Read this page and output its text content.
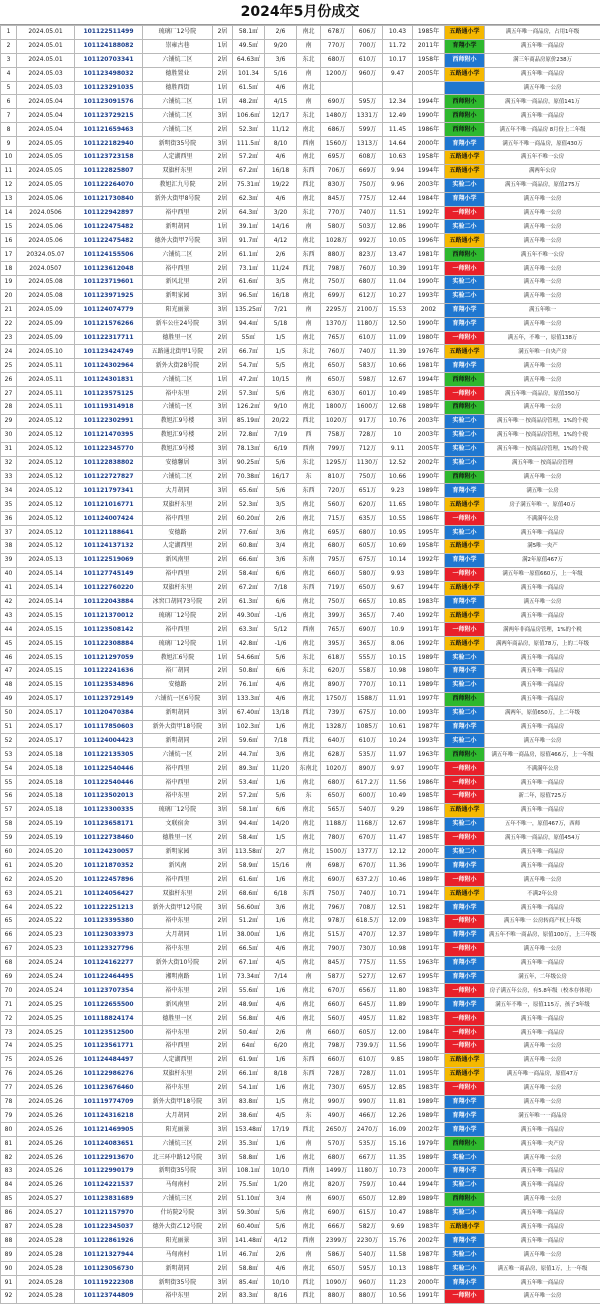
2024年5月份成交
1	2024.05.01	101122511499	琉璃厂12号院	2居	58.1㎡	2/6	南北	678万	606万	10.43	1985年	五路通小学	满五年唯一商品房，占用1年级
2	2024.05.01	101124188082	崇雍古巷	1居	49.5㎡	9/20	南	770万	700万	11.72	2011年	育翔小学	满五年唯一商品房
3	2024.05.01	101120703341	六铺炕二区	2居	64.63㎡	3/6	东北	680万	610万	10.17	1958年	西师附小	满三年商品房原价238万
4	2024.05.03	101123498032	德胜置业	2居	101.34	5/16	南	1200万	960万	9.47	2005年	五路通小学	满五年唯一商品房
5	2024.05.03	101123291035	德胜西街	1居	61.5㎡	4/6	南北						满五年唯一公房
6	2024.05.04	101123091576	六铺炕二区	1居	48.2㎡	4/15	南	690万	595万	12.34	1994年	西师附小	满五年唯一商品房，原值141万
7	2024.05.04	101123729215	六铺炕二区	3居	106.6㎡	12/17	东北	1480万	1331万	12.49	1990年	西师附小	满五年唯一商品房
8	2024.05.04	101121659463	六铺炕二区	2居	52.3㎡	11/12	南北	686万	599万	11.45	1986年	西师附小	满五年不唯一商品房 8月份上二年级
9	2024.05.05	101122182940	新明街35号院	3居	111.5㎡	8/10	西南	1560万	1313万	14.64	2000年	育翔小学	满五年不唯一商品房，原值430万
10	2024.05.05	101123723158	人定湖西里	2居	57.2㎡	4/6	南北	695万	608万	10.63	1958年	五路通小学	满五年不唯一公房
11	2024.05.05	101122825807	双旗杆东里	2居	67.2㎡	16/18	东西	706万	669万	9.94	1994年	五路通小学	满两年公房
12	2024.05.05	101122264070	教旭汇九号院	2居	75.31㎡	19/22	西北	830万	750万	9.96	2003年	实验二小	满五年唯一商品房，原值275万
13	2024.05.06	101121730840	新外大街甲8号院	2居	62.3㎡	4/6	南北	845万	775万	12.44	1984年	育翔小学	满五年唯一公房
14	2024.0506	101122942897	裕中西里	2居	64.3㎡	3/20	东北	770万	740万	11.51	1992年	一师附小	满五年唯一公房
15	2024.05.06	101122475482	新明胡同	1居	39.1㎡	14/16	南	580万	503万	12.86	1990年	实验二小	满五年唯一公房
16	2024.05.06	101122475482	德外大街甲7号院	3居	91.7㎡	4/12	南北	1028万	992万	10.05	1996年	五路通小学	满五年唯一公房
17	20324.05.07	101124155506	六铺炕二区	2居	61.1㎡	2/6	东西	880万	823万	13.47	1981年	西师附小	满五年不唯一公房
18	2024.0507	101123612048	裕中西里	2居	73.1㎡	11/24	西北	798万	760万	10.39	1991年	一师附小	满五年唯一公房
19	2024.05.08	101123719601	新风北里	2居	61.6㎡	3/5	南北	750万	680万	11.04	1990年	实验二小	满五年唯一公房
20	2024.05.08	101123971925	新明家园	3居	96.5㎡	16/18	南北	699万	612万	10.27	1993年	实验二小	满五年唯一公房
21	2024.05.09	101124074779	阳光丽景	3居	135.25㎡	7/21	南	2295万	2100万	15.53	2002	育翔小学	满五年唯一
22	2024.05.09	101121576266	新车公庄24号院	3居	94.4㎡	5/18	南	1370万	1180万	12.50	1990年	育翔小学	满五年唯一公房
23	2024.05.09	101122317711	德胜里一区	2居	55㎡	1/5	南北	765万	610万	11.09	1980年	一师附小	满五年，不唯一，原值138万
24	2024.05.10	101123424749	五路通北街甲1号院	2居	66.7㎡	1/5	东北	760万	740万	11.39	1976年	五路通小学	满五年唯一自央产房
25	2024.05.11	101124302964	新外大街28号院	2居	54.7㎡	5/5	南北	650万	583万	10.66	1981年	育翔小学	满五年唯一公房
26	2024.05.11	101124301831	六铺炕二区	1居	47.2㎡	10/15	南	650万	598万	12.67	1994年	西师附小	满五年唯一公房
27	2024.05.11	101123575125	裕中东里	2居	57.3㎡	5/6	南北	630万	601万	10.49	1985年	一师附小	满五年唯一商品房，原值350万
28	2024.05.11	101119314918	六铺炕一区	3居	126.2㎡	9/10	南北	1800万	1600万	12.68	1989年	西师附小	满五年唯一公房
29	2024.05.12	101122302991	教旭汇9号楼	3居	85.19㎡	20/22	西北	1020万	917万	10.76	2003年	实验二小	满五年唯一 按商品房管理，1%的个税
30	2024.05.12	101121470395	教旭汇9号楼	2居	72.8㎡	7/19	西	758万	728万	10	2003年	实验二小	满五年唯一 按商品房管理，1%的个税
31	2024.05.12	101122345770	教旭汇9号楼	3居	78.13㎡	6/19	西南	799万	712万	9.11	2005年	实验二小	满五年唯一 按商品房管理，1%的个税
32	2024.05.12	101122838802	安德馨居	3居	90.25㎡	5/6	东北	1295万	1130万	12.52	2002年	实验二小	满五年唯一 按商品房管理
33	2024.05.12	101122727827	六铺炕二区	2居	70.38㎡	16/17	东	810万	750万	10.66	1990年	西师附小	满五年唯一公房
34	2024.05.12	101121797341	大月胡同	3居	65.6㎡	5/6	东西	720万	651万	9.23	1989年	育翔小学	满五唯一公房
35	2024.05.12	101121016771	双旗杆东里	2居	52.3㎡	3/5	南北	560万	620万	11.65	1980年	五路通小学	房子满五年唯一，原值40万
36	2024.05.12	101124007424	裕中西里	2居	60.20㎡	2/6	南北	715万	635万	10.55	1986年	一师附小	不满满年公房
37	2024.05.12	101121188641	安德路	2居	77.6㎡	3/6	南北	695万	680万	10.95	1995年	实验二小	满五年唯一商品房
38	2024.05.12	101124137132	人定湖西里	2居	60.8㎡	3/4	南北	680万	605万	10.69	1958年	五路通小学	满5唯一央产
39	2024.05.13	101122519069	新风南里	2居	66.6㎡	3/6	东南	795万	675万	10.14	1992年	育翔小学	满2年原值467万
40	2024.05.14	101127745149	裕中西里	2居	58.4㎡	6/6	南北	660万	580万	9.93	1989年	一师附小	满五年唯一原值660万，上一年级
41	2024.05.14	101122760220	双旗杆东里	2居	67.2㎡	7/18	东西	719万	650万	9.67	1994年	五路通小学	满五年唯一商品房
42	2024.05.14	101122043884	冰窖口胡同73号院	2居	61.3㎡	6/6	南北	750万	665万	10.85	1983年	育翔小学	满五年唯一公房
43	2024.05.15	101121370012	琉璃厂12号院	2居	49.30㎡	-1/6	南北	399万	365万	7.40	1992年	五路通小学	满五年唯一商品房
44	2024.05.15	101123508142	裕中西里	2居	63.3㎡	5/12	西南	765万	690万	10.9	1991年	一师附小	满两年非商品房管理，1%的个税
45	2024.05.15	101122308884	琉璃厂12号院	1居	42.8㎡	-1/6	南北	395万	365万	8.06	1992年	五路通小学	满两年商品房，原值78万，上的二年级
46	2024.05.15	101121297059	教旭汇6号院	1居	54.66㎡	5/6	东北	618万	555万	10.15	1989年	实验二小	满五年唯一商品房
47	2024.05.15	101122241636	裕厂胡同	2居	50.8㎡	6/6	东北	620万	558万	10.98	1980年	育翔小学	满五年唯一商品房
48	2024.05.15	101123534896	安德路	2居	76.1㎡	4/6	南北	890万	770万	10.11	1989年	实验二小	满五年唯一商品房
49	2024.05.17	101123729149	六铺炕一区6号院	3居	133.3㎡	4/6	南北	1750万	1588万	11.91	1997年	西师附小	满五年唯一商品房
50	2024.05.17	101120470384	新明胡同	3居	67.40㎡	13/18	西北	739万	675万	10.00	1993年	实验二小	满两年，原值650万，上二年级
51	2024.05.17	101117850603	新外大街甲18号院	3居	102.3㎡	1/6	南北	1328万	1085万	10.61	1987年	育翔小学	满五年唯一商品房
52	2024.05.17	101124004423	新明胡同	2居	59.6㎡	7/18	西北	640万	610万	10.24	1993年	实验二小	满五年唯一公房
53	2024.05.18	101122135305	六铺炕一区	2居	44.7㎡	3/6	南北	628万	535万	11.97	1963年	西师附小	满五年唯一商品房，原值466万，上一年级
54	2024.05.18	101122540446	裕中西里	2居	89.3㎡	11/20	东南北	1020万	890万	9.97	1990年	一师附小	不满满年公房
55	2024.05.18	101122540446	裕中西里	2居	53.4㎡	1/6	南北	680万	617.2万	11.56	1986年	一师附小	满五年唯一商品房
56	2024.05.18	101123502013	裕中东里	2居	57.2㎡	5/6	东	650万	600万	10.49	1985年	一师附小	新二年，原值725万
57	2024.05.18	101123300335	琉璃厂12号院	3居	58.1㎡	6/6	南北	565万	540万	9.29	1986年	五路通小学	满五年唯一商品房
58	2024.05.19	101123658171	文联宿舍	3居	94.4㎡	14/20	南北	1188万	1168万	12.67	1998年	实验二小	五年不唯一，原值467万，西师
59	2024.05.19	101122738460	德胜里一区	2居	58.4㎡	1/5	南北	780万	670万	11.47	1985年	一师附小	满五年唯一商品房，原值454万
60	2024.05.20	101124230057	新明家园	3居	113.58㎡	2/7	南北	1500万	1377万	12.12	2000年	实验二小	满五年唯一商品房
61	2024.05.20	101121870352	新风南	2居	58.9㎡	15/16	南	698万	670万	11.36	1990年	育翔小学	满五年唯一商品房
62	2024.05.20	101122457896	裕中西里	2居	61.6㎡	1/6	南北	690万	637.2万	10.46	1989年	一师附小	满五年唯一公房
63	2024.05.21	101124056427	双旗杆东里	2居	68.6㎡	6/18	东西	750万	740万	10.71	1994年	五路通小学	不满2年公房
64	2024.05.22	101122251213	新外大街甲12号院	3居	56.60㎡	3/6	南北	796万	708万	12.51	1982年	育翔小学	满五年唯一商品房
65	2024.05.22	101123395380	裕中东里	2居	51.2㎡	1/6	南北	978万	618.5万	12.09	1983年	一师附小	满五年唯一 公房转商产权上年级
66	2024.05.23	101123033973	大月胡同	1居	38.00㎡	1/6	南北	515万	470万	12.37	1989年	育翔小学	满五年不唯一商品房，原值100万，上三年级
67	2024.05.23	101123327796	裕中东里	2居	66.5㎡	4/6	南北	790万	730万	10.98	1991年	一师附小	满五年唯一公房
68	2024.05.24	101124162277	新外大街10号院	2居	67.1㎡	4/5	南北	845万	775万	11.55	1963年	育翔小学	满五年唯一商品房
69	2024.05.24	101122464495	湘明南路	1居	73.34㎡	7/14	南	587万	527万	12.67	1995年	育翔小学	满五年，二年级公房
70	2024.05.24	101123707354	裕中东里	2居	55.6㎡	1/6	南北	670万	656万	11.80	1983年	一师附小	房子满五年公房，有5.8年级（校本存体现）
71	2024.05.25	101122655500	新风南里	2居	48.9㎡	4/6	南北	660万	645万	11.89	1990年	育翔小学	满五年不唯一，原值115万，孩子3年级
72	2024.05.25	101118824174	德胜里一区	2居	56.8㎡	4/6	南北	560万	495万	11.82	1983年	一师附小	满五年唯一商品房
73	2024.05.25	101123512500	裕中东里	2居	50.4㎡	2/6	南	660万	605万	12.00	1984年	一师附小	满五年唯一商品房
74	2024.05.25	101123561771	裕中西里	2居	64㎡	6/20	南北	798万	739.9万	11.56	1990年	一师附小	满五年唯一公房
75	2024.05.26	101124484497	人定湖西里	2居	61.9㎡	1/6	东西	660万	610万	9.85	1980年	五路通小学	满五年唯一公房
76	2024.05.26	101122986276	双旗杆东里	2居	66.1㎡	8/18	东西	728万	728万	11.01	1995年	五路通小学	满五年唯一商品房，原值47万
77	2024.05.26	101123676460	裕中东里	2居	54.1㎡	1/6	南北	730万	695万	12.85	1983年	一师附小	满五年唯一公房
78	2024.05.26	101119774709	新外大街甲18号院	3居	83.8㎡	1/5	南北	990万	990万	11.81	1989年	育翔小学	满五年唯一公房
79	2024.05.26	101124316218	大月胡同	2居	38.6㎡	4/5	东	490万	466万	12.26	1989年	育翔小学	满五年唯一一商品房
80	2024.05.26	101121469905	阳光丽景	3居	153.48㎡	17/19	西北	2650万	2470万	16.09	2002年	育翔小学	满五年唯一商品房
81	2024.05.26	101124083651	六铺炕三区	2居	35.3㎡	1/6	南	570万	535万	15.16	1979年	西师附小	满五年唯一央产房
82	2024.05.26	101122913670	北三环中路12号院	3居	58.8㎡	1/6	南北	680万	667万	11.35	1989年	实验二小	满五年唯一公房
83	2024.05.26	101122990179	新明街35号院	3居	108.1㎡	10/10	西南	1499万	1180万	10.73	2000年	育翔小学	满五年唯一商品房
84	2024.05.26	101124221537	马甸南村	2居	75.5㎡	1/20	南北	820万	759万	10.44	1994年	实验二小	满五年唯一商品房
85	2024.05.27	101123831689	六铺炕三区	2居	51.10㎡	3/4	南	690万	650万	12.89	1989年	西师附小	满五年唯一公房
86	2024.05.27	101121157970	什坊院2号院	3居	59.30㎡	5/6	南北	690万	615万	10.47	1988年	实验二小	满五年唯一商品房
87	2024.05.28	101122345037	德外大街乙12号院	2居	60.40㎡	5/6	南北	666万	582万	9.69	1983年	五路通小学	满五年唯一商品房
88	2024.05.28	101122861926	阳光丽景	3居	141.48㎡	4/12	西南	2399万	2230万	15.76	2002年	育翔小学	满五年唯一商品房
89	2024.05.28	101121327944	马甸南村	1居	46.7㎡	2/6	南	586万	540万	11.58	1987年	实验二小	满五年唯一公房
90	2024.05.28	101123056730	新明胡同	2居	58.8㎡	4/6	南北	650万	595万	10.13	1988年	实验二小	满五唯一商品房，原值1万，上一年级
91	2024.05.28	101119222308	新明街35号院	3居	85.4㎡	10/10	西北	1090万	960万	11.23	2000年	育翔小学	满五年唯一商品房
92	2024.05.28	101123744809	裕中东里	2居	83.3㎡	8/16	西北	880万	880万	10.56	1991年	一师附小	满五年唯一公房
